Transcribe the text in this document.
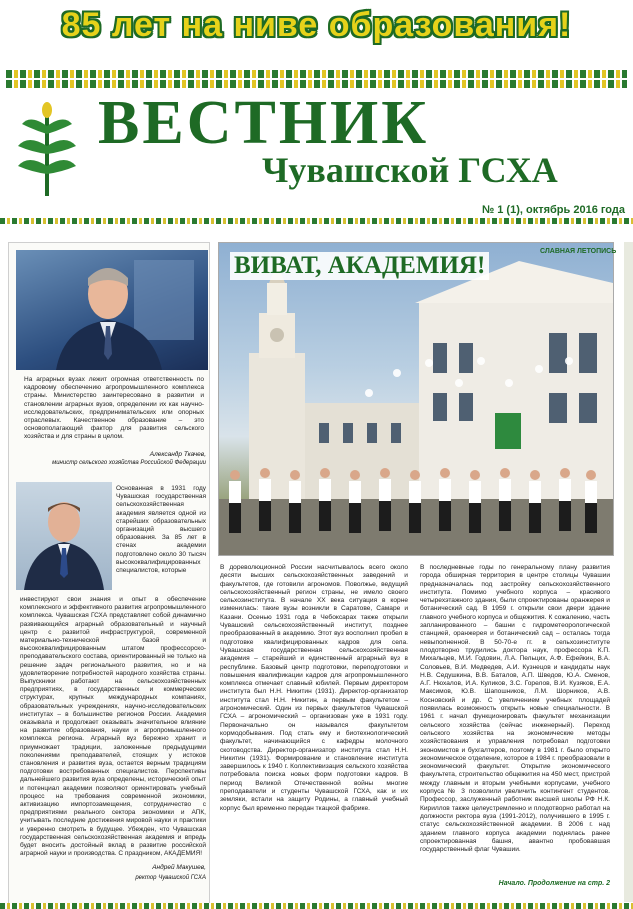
85 лет на ниве образования!
ВЕСТНИК
Чувашской ГСХА
№ 1 (1), октябрь 2016 года
На аграрных вузах лежит огромная ответственность по кадровому обеспечению агропромышленного комплекса страны. Министерство заинтересовано в развитии и становлении аграрных вузов, определении их как научно-исследовательских, предпринимательских или опорных отраслевых. Качественное образование – это основополагающий фактор для развития сельского хозяйства и для страны в целом.
Александр Ткачев,
министр сельского хозяйства Российской Федерации
Основанная в 1931 году Чувашская государственная сельскохозяйственная академия является одной из старейших образовательных организаций высшего образования. За 85 лет в стенах академии подготовлено около 30 тысяч высококвалифицированных специалистов, которые
инвестируют свои знания и опыт в обеспечение комплексного и эффективного развития агропромышленного комплекса. Чувашская ГСХА представляет собой динамично развивающийся аграрный образовательный и научный центр с развитой инфраструктурой, современной материально-технической базой и высококвалифицированным штатом профессорско-преподавательского состава, ориентированный не только на решение задач регионального развития, но и на удовлетворение потребностей народного хозяйства страны. Выпускники работают на сельскохозяйственных предприятиях, в государственных и коммерческих структурах, крупных международных компаниях, образовательных учреждениях, научно-исследовательских институтах – в большинстве регионов России. Академия оказывала и продолжает оказывать значительное влияние на развитие образования, науки и агропромышленного комплекса региона. Аграрный вуз бережно хранит и приумножает традиции, заложенные предыдущими поколениями преподавателей, стоящих у истоков становления и развития вуза, остается верным традициям подготовки востребованных специалистов. Перспективы дальнейшего развития вуза определены, исторический опыт и потенциал академии позволяют ориентировать учебный процесс на требования современной экономики, активизацию импортозамещения, сотрудничество с предприятиями реального сектора экономики и АПК, учитывать последние достижения мировой науки и практики и уверенно смотреть в будущее. Убежден, что Чувашская государственная сельскохозяйственная академия и впредь будет вносить достойный вклад в развитие российской аграрной науки и производства. С праздником, АКАДЕМИЯ!
Андрей Макушев,
ректор Чувашской ГСХА
ВИВАТ, АКАДЕМИЯ!
СЛАВНАЯ ЛЕТОПИСЬ
В дореволюционной России насчитывалось всего около десяти высших сельскохозяйственных заведений и факультетов, где готовили агрономов. Поволжье, ведущий сельскохозяйственный регион страны, не имело своего сельхозинститута. В начале XX века ситуация в корне изменилась: такие вузы возникли в Саратове, Самаре и Казани. Осенью 1931 года в Чебоксарах также открыли Чувашский сельскохозяйственный институт, позднее преобразованный в академию. Этот вуз восполнил пробел в подготовке квалифицированных кадров для села. Чувашская государственная сельскохозяйственная академия – старейший и единственный аграрный вуз в республике. Базовый центр подготовки, переподготовки и повышения квалификации кадров для агропромышленного комплекса отмечает славный юбилей. Первым директором института был Н.Н. Никитин (1931). Директор-организатор института стал Н.Н. Никитин, а первым факультетом – агрономический. Один из первых факультетов Чувашской ГСХА – агрономический – организован уже в 1931 году. Первоначально он назывался факультетом кормодобывания. Под стать ему и биотехнологический факультет, начинающийся с кафедры молочного скотоводства. Директор-организатор института стал Н.Н. Никитин (1931). Формирование и становление института завершилось к 1940 г. Коллективизация сельского хозяйства потребовала поиска новых форм подготовки кадров. В период Великой Отечественной войны многие преподаватели и студенты Чувашской ГСХА, как и их земляки, встали на защиту Родины, а главный учебный корпус был временно передан ткацкой фабрике.
В последневные годы по генеральному плану развития города обширная территория в центре столицы Чувашии предназначалась под застройку сельскохозяйственного института. Помимо учебного корпуса – красивого четырехэтажного здания, были спроектированы оранжерея и ботанический сад. В 1959 г. открыли свои двери здание главного учебного корпуса и общежития. К сожалению, часть запланированного – башни с гидрометеорологической станцией, оранжерея и ботанический сад – осталась тогда невыполненной. В 50-70-е гг. в сельхозинституте плодотворно трудились доктора наук, профессора К.П. Михальцев, М.И. Годовин, Л.А. Пельцих, А.Ф. Ефейкин, В.А. Соловьев, В.И. Медведев, А.И. Кузнецов и кандидаты наук Н.В. Седушкина, В.В. Баталов, А.П. Шведов, Ю.А. Сменов, А.Г. Нюхалов, И.А. Куликов, З.С. Горелов, В.И. Кузяков, Е.А. Максимов, Ю.В. Шапошников, Л.М. Шорников, А.В. Косновский и др. С увеличением учебных площадей появилась возможность открыть новые специальности. В 1961 г. начал функционировать факультет механизации сельского хозяйства (сейчас инженерный). Переход сельского хозяйства на экономические методы хозяйствования и управления потребовал подготовки экономистов и бухгалтеров, поэтому в 1981 г. было открыто экономическое отделение, которое в 1984 г. преобразовали в экономический факультет. Открытие экономического факультета, строительство общежития на 450 мест, пристрой между главным и вторым учебными корпусами, учебного корпуса № 3 позволили увеличить контингент студентов. Профессор, заслуженный работник высшей школы РФ Н.К. Кириллов также целеустремленно и плодотворно работал на должности ректора вуза (1991-2012), получившего в 1995 г. статус сельскохозяйственной академии. В 2006 г. над зданием главного корпуса академии поднялась ранее спроектированная башня, авантно пробовавшая государственный флаг Чувашии.
Начало. Продолжение на стр. 2
